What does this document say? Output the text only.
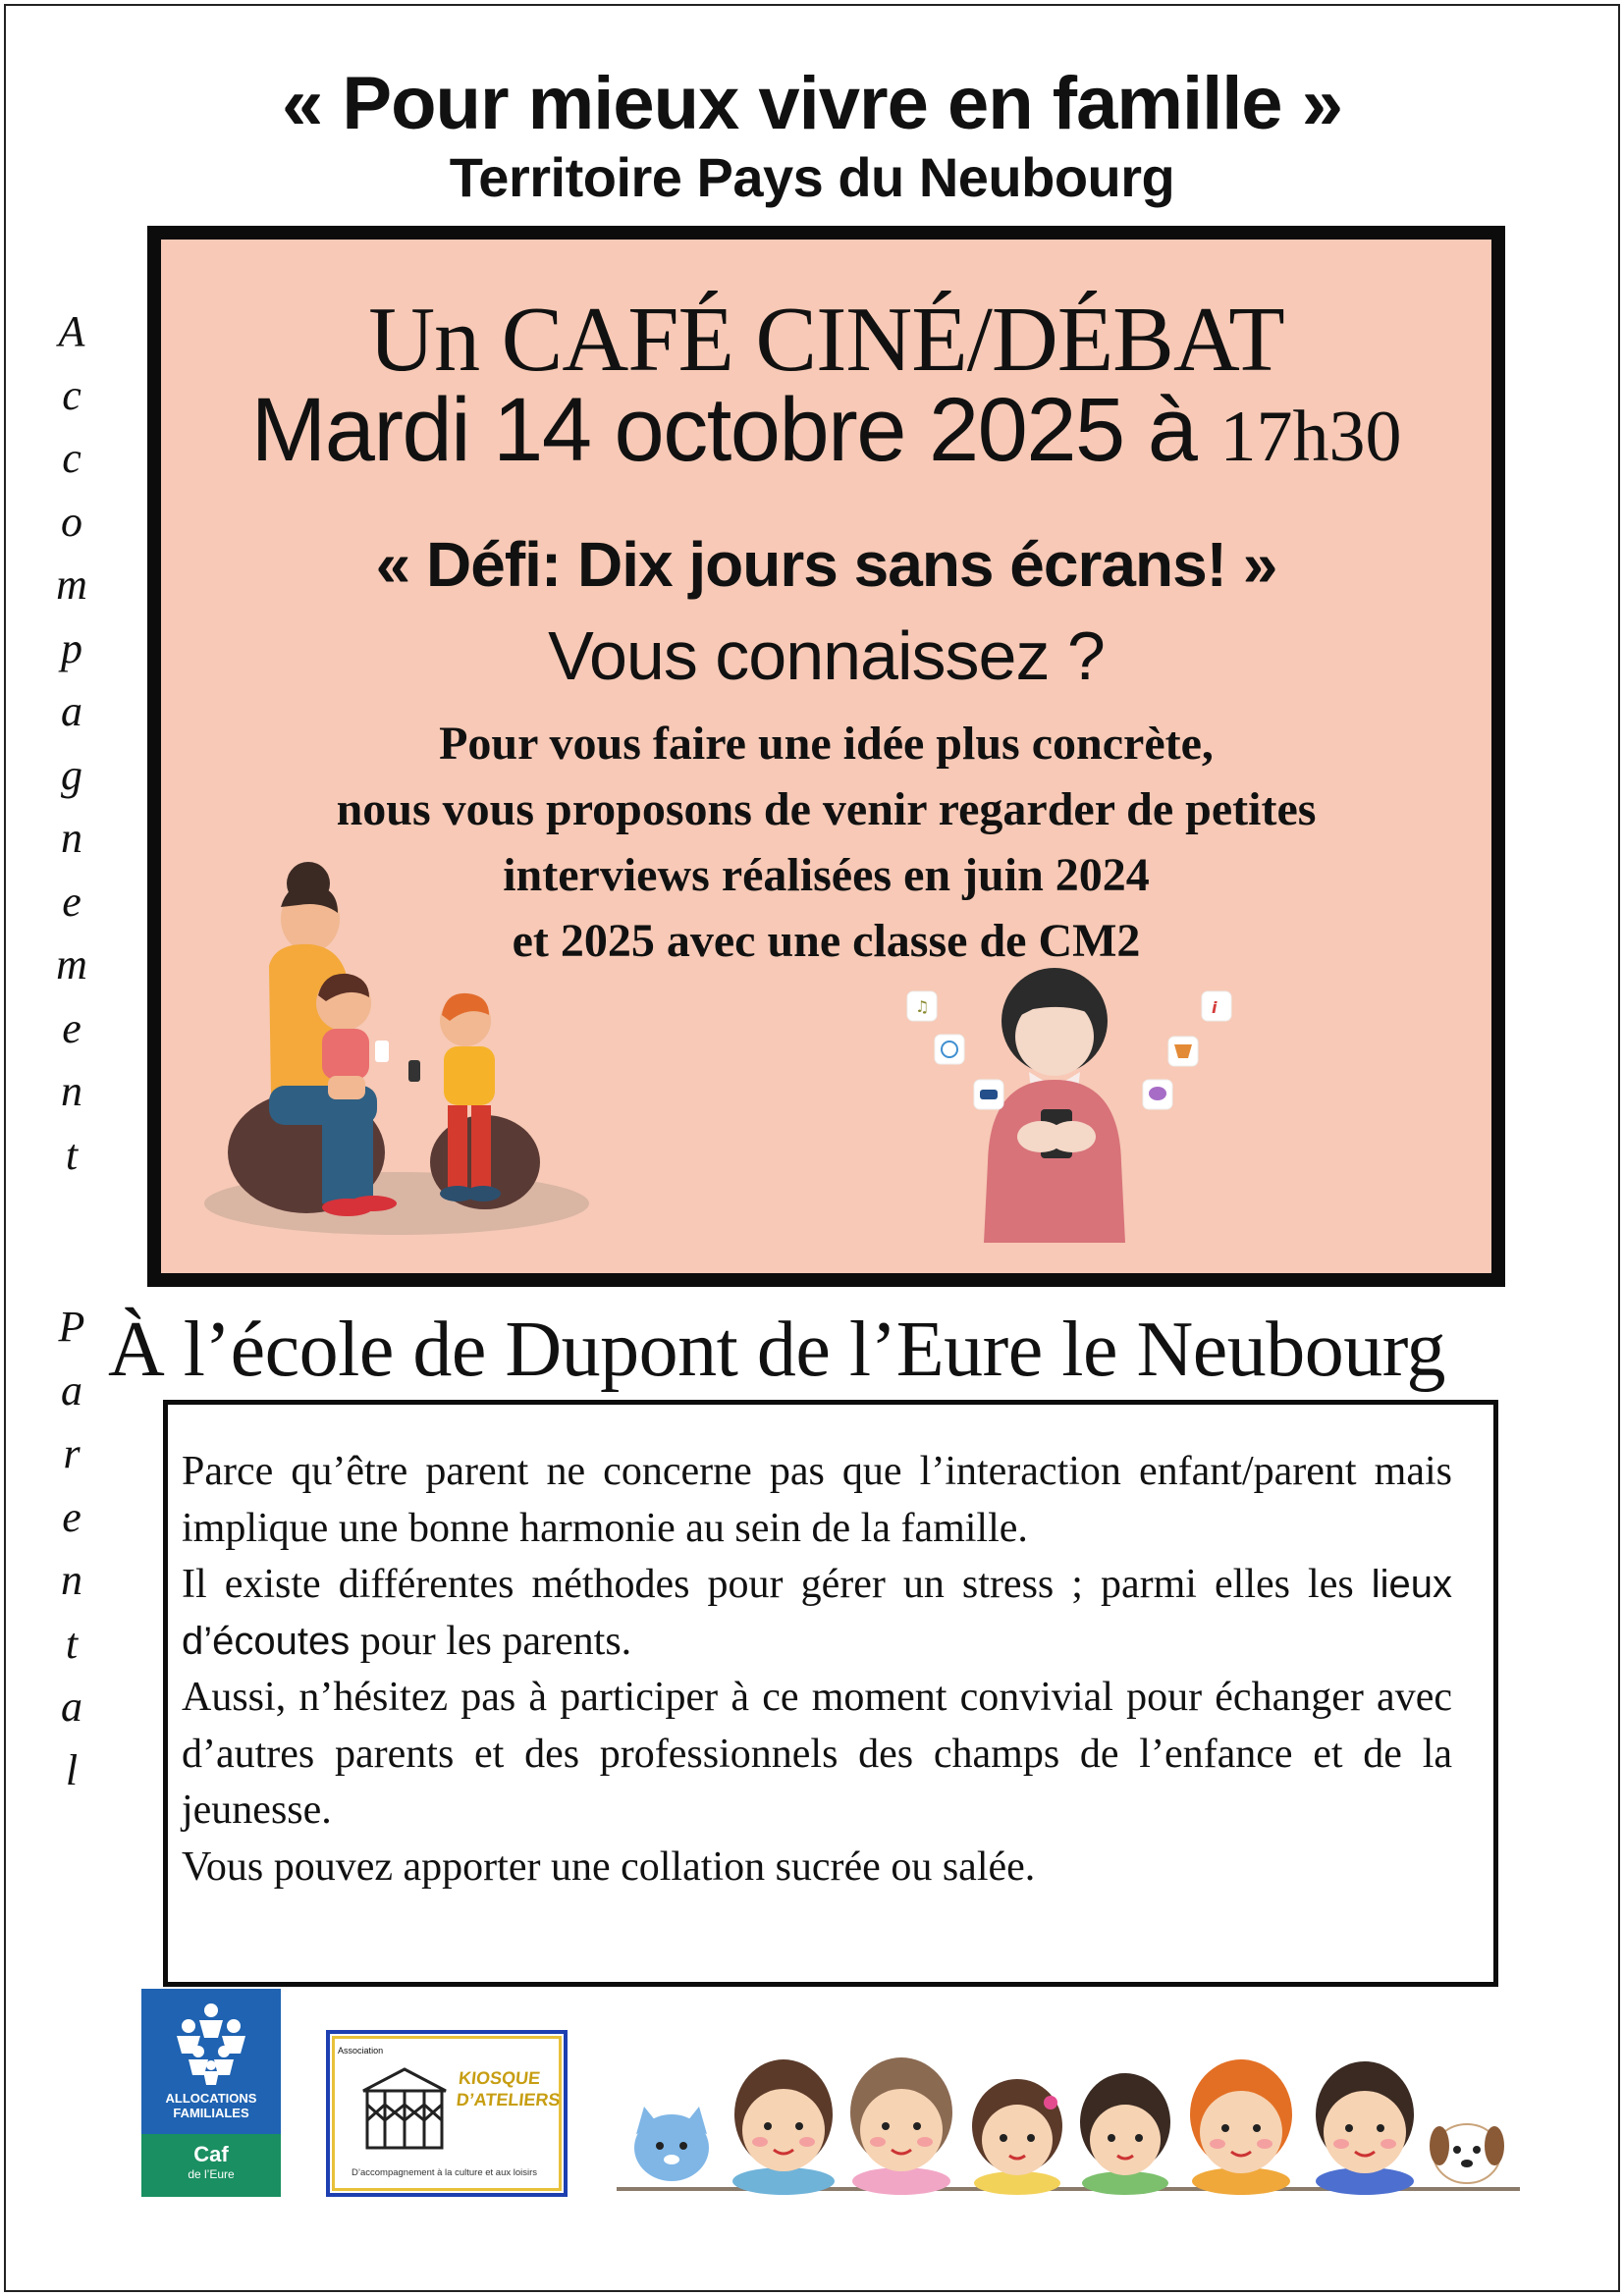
« Pour mieux vivre en famille »
Territoire Pays du Neubourg
A
c
c
o
m
p
a
g
n
e
m
e
n
t
P
a
r
e
n
t
a
l
Un CAFÉ CINÉ/DÉBAT
Mardi 14 octobre 2025 à 17h30
« Défi: Dix jours sans écrans! »
Vous connaissez ?
Pour vous faire une idée plus concrète,
nous vous proposons de venir regarder de petites
interviews réalisées en juin 2024
et 2025 avec une classe de CM2
♫	i
À l’école de Dupont de l’Eure le Neubourg

Parce qu’être parent ne concerne pas que l’interaction enfant/parent mais implique une bonne harmonie au sein de la famille.

Il existe différentes méthodes pour gérer un stress ; parmi elles les lieux d’écoutes pour les parents.

Aussi, n’hésitez pas à participer à ce moment convivial pour échanger avec d’autres parents et des professionnels des champs de l’enfance et de la jeunesse.

Vous pouvez apporter une collation sucrée ou salée.

ALLOCATIONS
FAMILIALES
Caf
de l’Eure
Association
KIOSQUE
D’ATELIERS
D’accompagnement à la culture et aux loisirs
